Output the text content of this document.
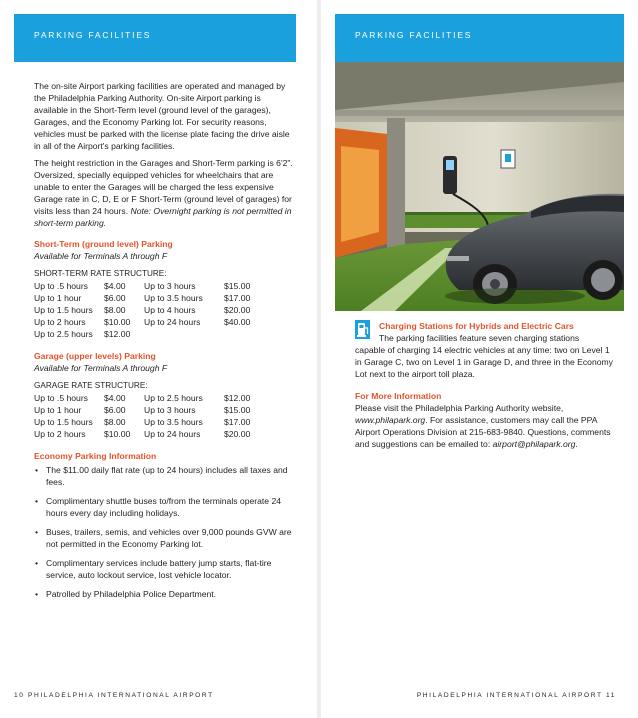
PARKING FACILITIES

The on-site Airport parking facilities are operated and managed by the Philadelphia Parking Authority. On-site Airport parking is available in the Short-Term level (ground level of the garages), Garages, and the Economy Parking lot. For security reasons, vehicles must be parked with the license plate facing the drive aisle in all of the Airport's parking facilities.

The height restriction in the Garages and Short-Term parking is 6'2". Oversized, specially equipped vehicles for wheelchairs that are unable to enter the Garages will be charged the less expensive Garage rate in C, D, E or F Short-Term (ground level of garages) for visits less than 24 hours. Note: Overnight parking is not permitted in short-term parking.

Short-Term (ground level) Parking
Available for Terminals A through F
SHORT-TERM RATE STRUCTURE:
Up to .5 hours	$4.00	Up to 3 hours	$15.00
Up to 1 hour	$6.00	Up to 3.5 hours	$17.00
Up to 1.5 hours	$8.00	Up to 4 hours	$20.00
Up to 2 hours	$10.00	Up to 24 hours	$40.00
Up to 2.5 hours	$12.00		
Garage (upper levels) Parking
Available for Terminals A through F
GARAGE RATE STRUCTURE:
Up to .5 hours	$4.00	Up to 2.5 hours	$12.00
Up to 1 hour	$6.00	Up to 3 hours	$15.00
Up to 1.5 hours	$8.00	Up to 3.5 hours	$17.00
Up to 2 hours	$10.00	Up to 24 hours	$20.00
Economy Parking Information
• The $11.00 daily flat rate (up to 24 hours) includes all taxes and fees.
• Complimentary shuttle buses to/from the terminals operate 24 hours every day including holidays.
• Buses, trailers, semis, and vehicles over 9,000 pounds GVW are not permitted in the Economy Parking lot.
• Complimentary services include battery jump starts, flat-tire service, auto lockout service, lost vehicle locator.
• Patrolled by Philadelphia Police Department.
10 PHILADELPHIA INTERNATIONAL AIRPORT
PARKING FACILITIES
Charging Stations for Hybrids and Electric Cars
The parking facilities feature seven charging stations
capable of charging 14 electric vehicles at any time: two on Level 1 in Garage C, two on Level 1 in Garage D, and three in the Economy Lot next to the airport toll plaza.
For More Information
Please visit the Philadelphia Parking Authority website, www.philapark.org. For assistance, customers may call the PPA Airport Operations Division at 215-683-9840. Questions, comments and suggestions can be emailed to: airport@philapark.org.
PHILADELPHIA INTERNATIONAL AIRPORT 11
